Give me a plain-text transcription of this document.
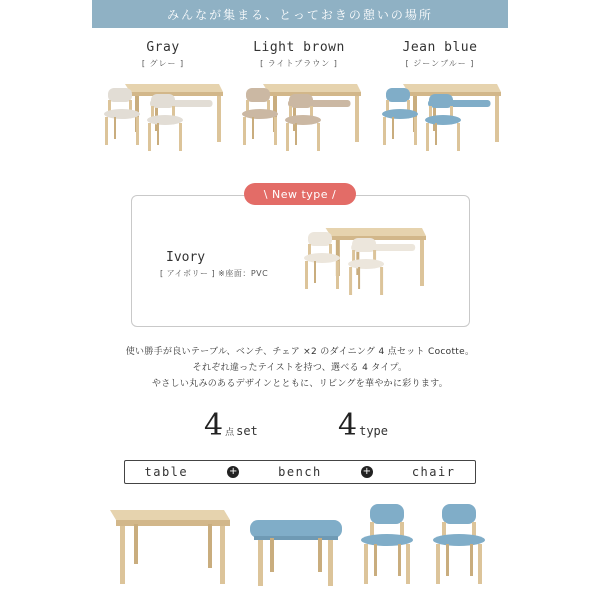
みんなが集まる、とっておきの憩いの場所
Gray
[ グレー ]
Light brown
[ ライトブラウン ]
Jean blue
[ ジーンブルー ]
\ New type /
Ivory
[ アイボリー ] ※座面：PVC
使い勝手が良いテーブル、ベンチ、チェア ×2 のダイニング 4 点セット Cocotte。
それぞれ違ったテイストを持つ、選べる 4 タイプ。
やさしい丸みのあるデザインとともに、リビングを華やかに彩ります。
4 点 set	4 type
table	+	bench	+	chair
